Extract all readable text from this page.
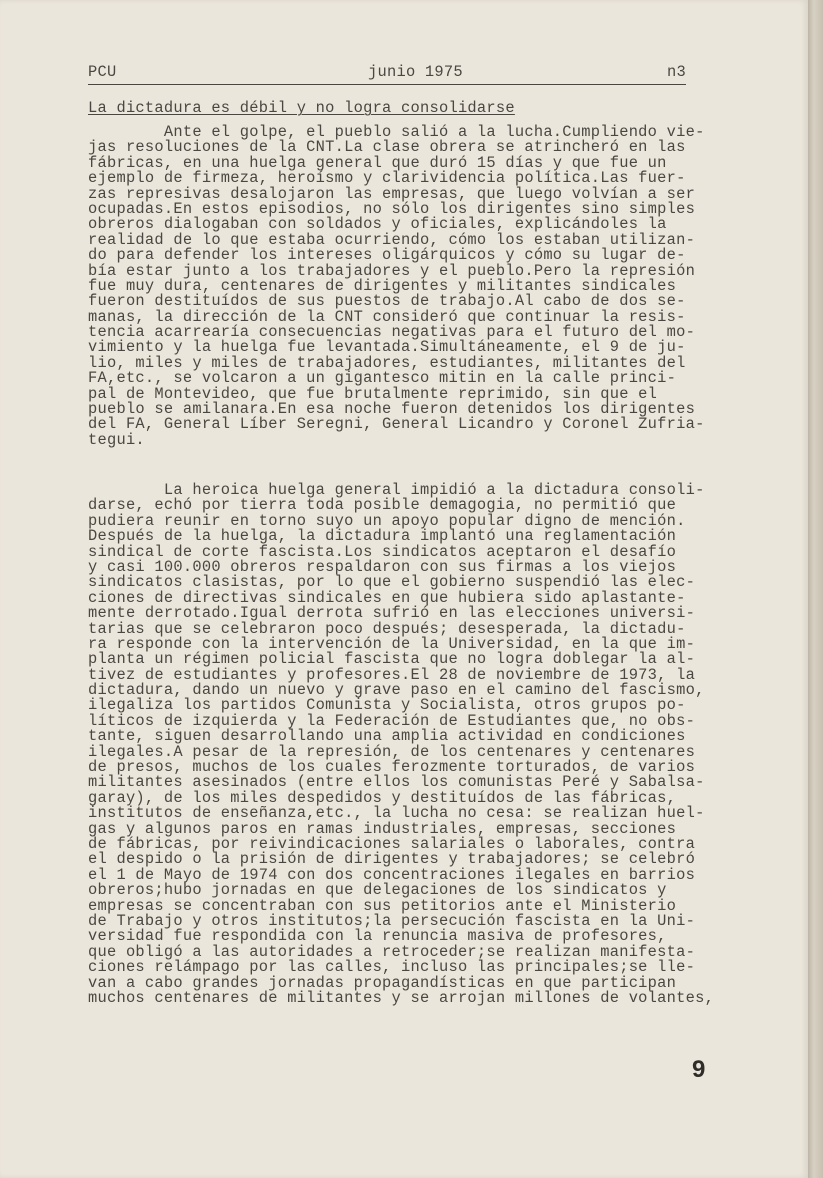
PCU	junio 1975	n3
La dictadura es débil y no logra consolidarse
Ante el golpe, el pueblo salió a la lucha.Cumpliendo vie-
jas resoluciones de la CNT.La clase obrera se atrincheró en las
fábricas, en una huelga general que duró 15 días y que fue un
ejemplo de firmeza, heroísmo y clarividencia política.Las fuer-
zas represivas desalojaron las empresas, que luego volvían a ser
ocupadas.En estos episodios, no sólo los dirigentes sino simples
obreros dialogaban con soldados y oficiales, explicándoles la
realidad de lo que estaba ocurriendo, cómo los estaban utilizan-
do para defender los intereses oligárquicos y cómo su lugar de-
bía estar junto a los trabajadores y el pueblo.Pero la represión
fue muy dura, centenares de dirigentes y militantes sindicales
fueron destituídos de sus puestos de trabajo.Al cabo de dos se-
manas, la dirección de la CNT consideró que continuar la resis-
tencia acarrearía consecuencias negativas para el futuro del mo-
vimiento y la huelga fue levantada.Simultáneamente, el 9 de ju-
lio, miles y miles de trabajadores, estudiantes, militantes del
FA,etc., se volcaron a un gigantesco mitin en la calle princi-
pal de Montevideo, que fue brutalmente reprimido, sin que el
pueblo se amilanara.En esa noche fueron detenidos los dirigentes
del FA, General Líber Seregni, General Licandro y Coronel Zufria-
tegui.
La heroica huelga general impidió a la dictadura consoli-
darse, echó por tierra toda posible demagogia, no permitió que
pudiera reunir en torno suyo un apoyo popular digno de mención.
Después de la huelga, la dictadura implantó una reglamentación
sindical de corte fascista.Los sindicatos aceptaron el desafío
y casi 100.000 obreros respaldaron con sus firmas a los viejos
sindicatos clasistas, por lo que el gobierno suspendió las elec-
ciones de directivas sindicales en que hubiera sido aplastante-
mente derrotado.Igual derrota sufrió en las elecciones universi-
tarias que se celebraron poco después; desesperada, la dictadu-
ra responde con la intervención de la Universidad, en la que im-
planta un régimen policial fascista que no logra doblegar la al-
tivez de estudiantes y profesores.El 28 de noviembre de 1973, la
dictadura, dando un nuevo y grave paso en el camino del fascismo,
ilegaliza los partidos Comunista y Socialista, otros grupos po-
líticos de izquierda y la Federación de Estudiantes que, no obs-
tante, siguen desarrollando una amplia actividad en condiciones
ilegales.A pesar de la represión, de los centenares y centenares
de presos, muchos de los cuales ferozmente torturados, de varios
militantes asesinados (entre ellos los comunistas Peré y Sabalsa-
garay), de los miles despedidos y destituídos de las fábricas,
institutos de enseñanza,etc., la lucha no cesa: se realizan huel-
gas y algunos paros en ramas industriales, empresas, secciones
de fábricas, por reivindicaciones salariales o laborales, contra
el despido o la prisión de dirigentes y trabajadores; se celebró
el 1 de Mayo de 1974 con dos concentraciones ilegales en barrios
obreros;hubo jornadas en que delegaciones de los sindicatos y
empresas se concentraban con sus petitorios ante el Ministerio
de Trabajo y otros institutos;la persecución fascista en la Uni-
versidad fue respondida con la renuncia masiva de profesores,
que obligó a las autoridades a retroceder;se realizan manifesta-
ciones relámpago por las calles, incluso las principales;se lle-
van a cabo grandes jornadas propagandísticas en que participan
muchos centenares de militantes y se arrojan millones de volantes,
9
